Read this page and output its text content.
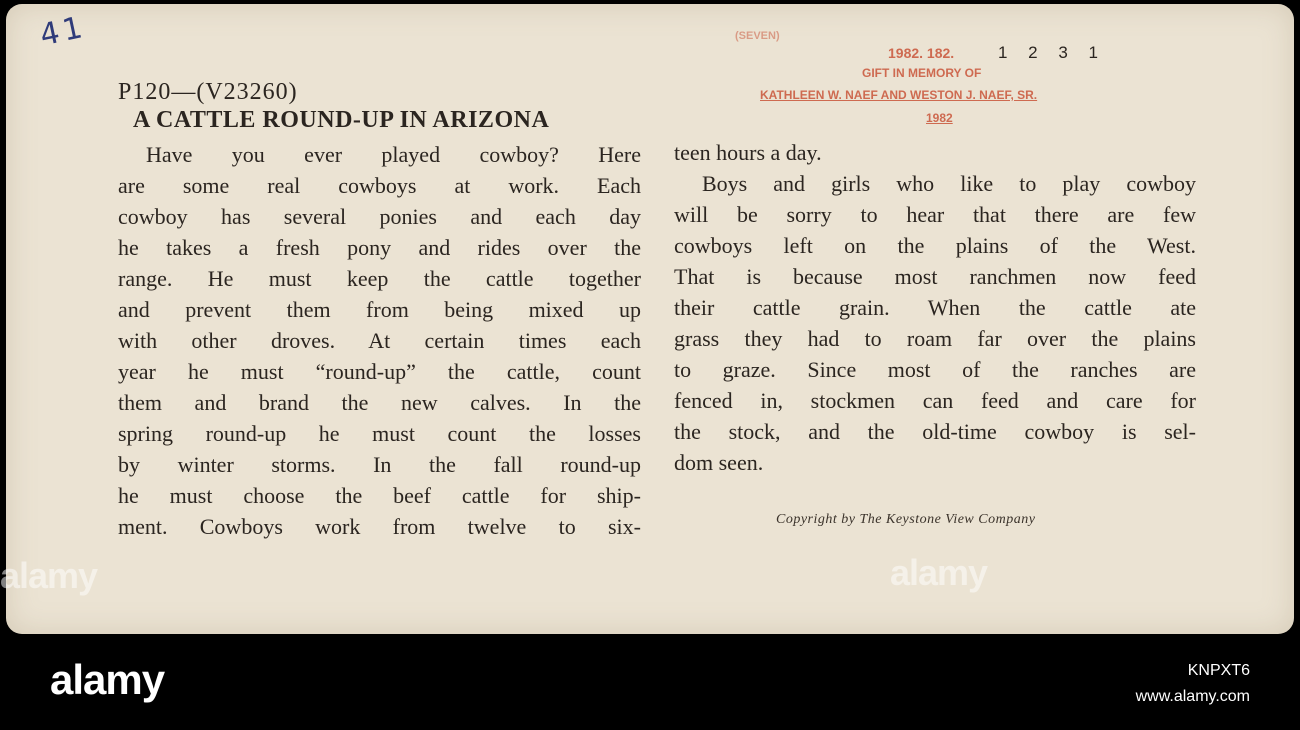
41
P120—(V23260)
A CATTLE ROUND-UP IN ARIZONA
Have you ever played cowboy? Here
are some real cowboys at work. Each
cowboy has several ponies and each day
he takes a fresh pony and rides over the
range. He must keep the cattle together
and prevent them from being mixed up
with other droves. At certain times each
year he must “round-up” the cattle, count
them and brand the new calves. In the
spring round-up he must count the losses
by winter storms. In the fall round-up
he must choose the beef cattle for ship-
ment. Cowboys work from twelve to six-
teen hours a day.
Boys and girls who like to play cowboy
will be sorry to hear that there are few
cowboys left on the plains of the West.
That is because most ranchmen now feed
their cattle grain. When the cattle ate
grass they had to roam far over the plains
to graze. Since most of the ranches are
fenced in, stockmen can feed and care for
the stock, and the old-time cowboy is sel-
dom seen.
Copyright by The Keystone View Company
(SEVEN)
1982. 182.	1 2 3 1
GIFT IN MEMORY OF
KATHLEEN W. NAEF AND WESTON J. NAEF, SR.
1982
alamy	alamy
alamy	KNPXT6
www.alamy.com
